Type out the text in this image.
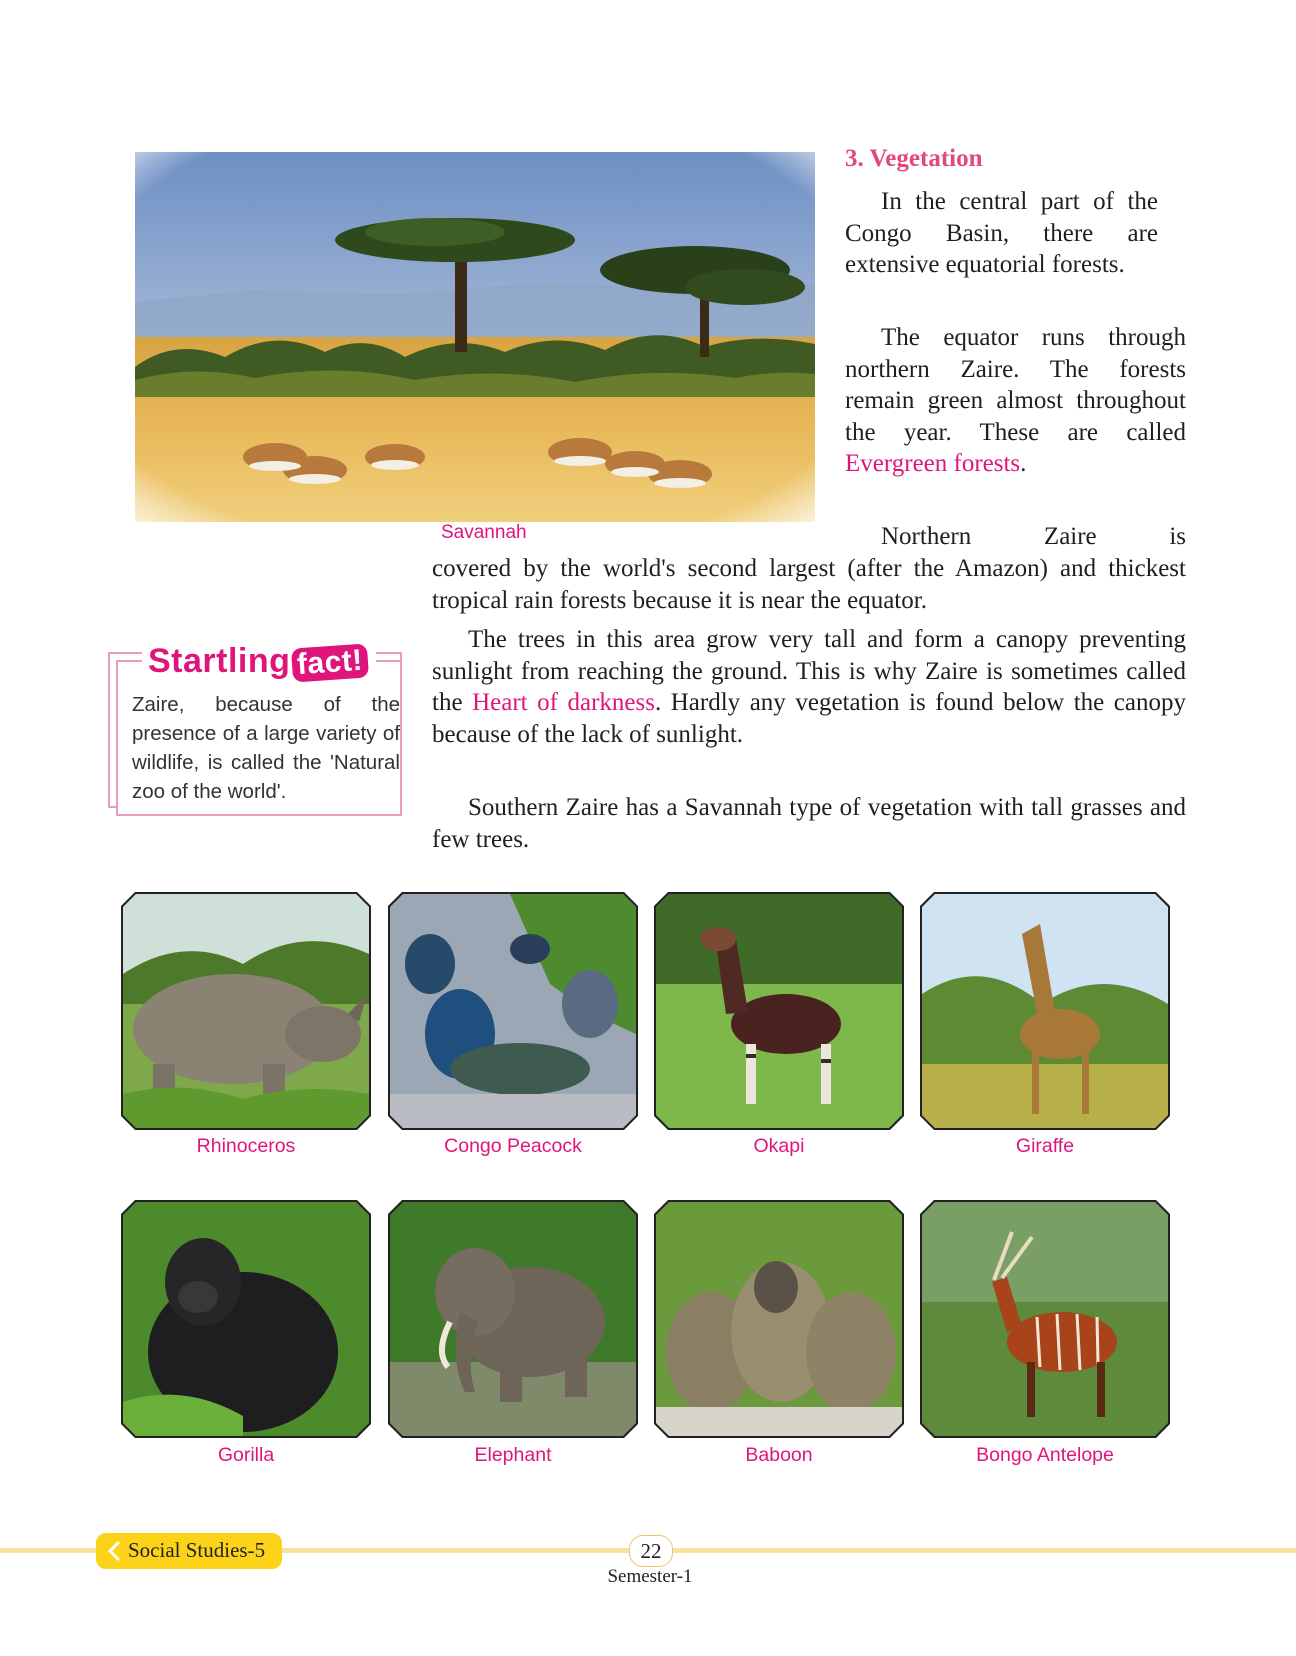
Savannah
3. Vegetation

In the central part of the Congo Basin, there are extensive equatorial forests.

The equator runs through northern Zaire. The forests remain green almost throughout the year. These are called Evergreen forests.

Northern Zaire is

covered by the world's second largest (after the Amazon) and thickest tropical rain forests because it is near the equator.

The trees in this area grow very tall and form a canopy preventing sunlight from reaching the ground. This is why Zaire is sometimes called the Heart of darkness. Hardly any vegetation is found below the canopy because of the lack of sunlight.

Southern Zaire has a Savannah type of vegetation with tall grasses and few trees.

Startling fact!
Zaire, because of the presence of a large variety of wildlife, is called the 'Natural zoo of the world'.
Rhinoceros	Congo Peacock	Okapi	Giraffe
Gorilla	Elephant	Baboon	Bongo Antelope
Social Studies-5	22
Semester-1
